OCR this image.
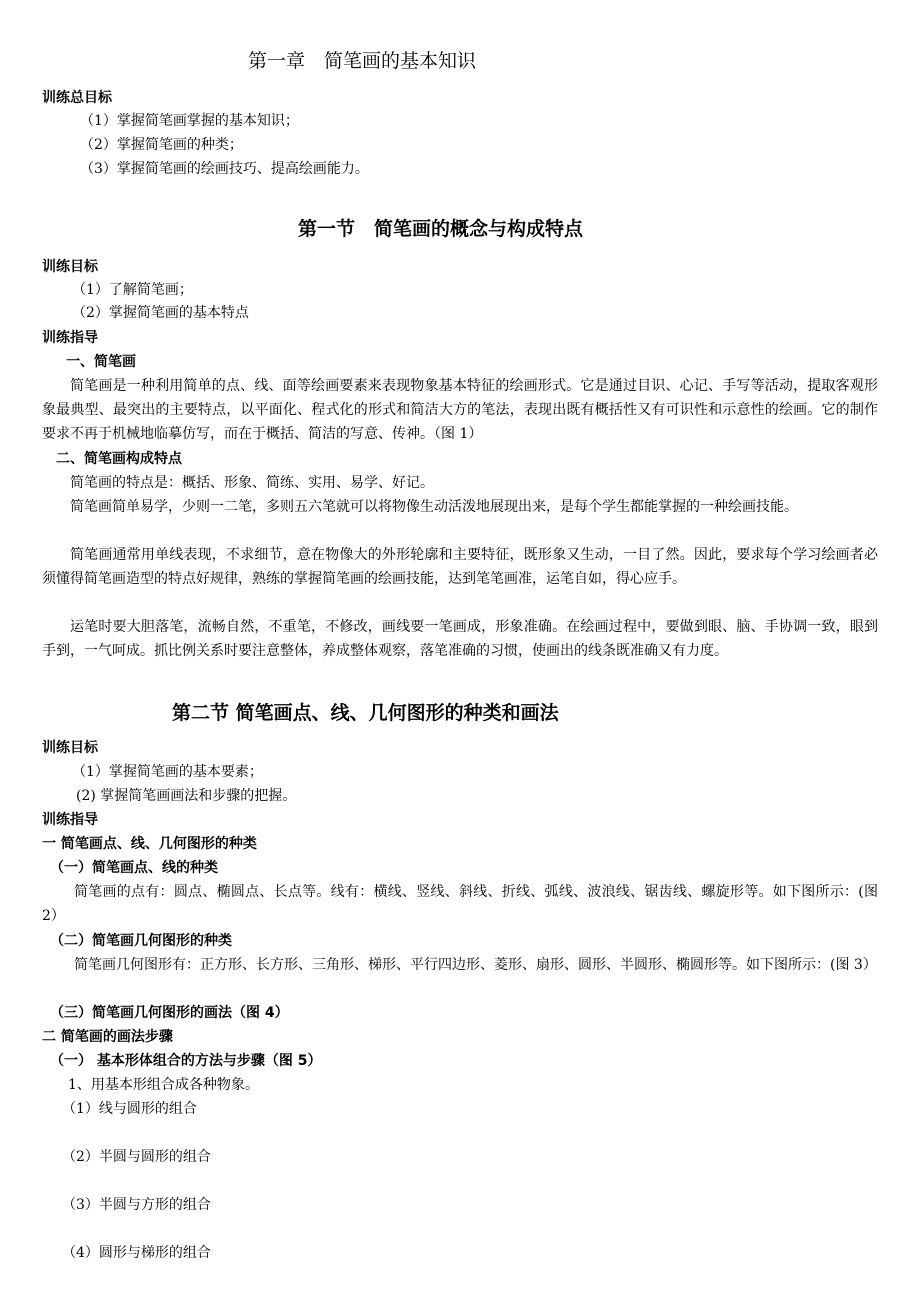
第一章　简笔画的基本知识
训练总目标
（1）掌握简笔画掌握的基本知识；
（2）掌握简笔画的种类；
（3）掌握简笔画的绘画技巧、提高绘画能力。
第一节　简笔画的概念与构成特点
训练目标
（1）了解简笔画；
（2）掌握简笔画的基本特点
训练指导
一、简笔画
简笔画是一种利用简单的点、线、面等绘画要素来表现物象基本特征的绘画形式。它是通过目识、心记、手写等活动，提取客观形象最典型、最突出的主要特点，以平面化、程式化的形式和简洁大方的笔法，表现出既有概括性又有可识性和示意性的绘画。它的制作要求不再于机械地临摹仿写，而在于概括、简洁的写意、传神。（图 1）
二、简笔画构成特点
简笔画的特点是：概括、形象、简练、实用、易学、好记。
简笔画简单易学，少则一二笔，多则五六笔就可以将物像生动活泼地展现出来，是每个学生都能掌握的一种绘画技能。
简笔画通常用单线表现，不求细节，意在物像大的外形轮廓和主要特征，既形象又生动，一目了然。因此，要求每个学习绘画者必须懂得简笔画造型的特点好规律，熟练的掌握简笔画的绘画技能，达到笔笔画准，运笔自如，得心应手。
运笔时要大胆落笔，流畅自然，不重笔，不修改，画线要一笔画成，形象准确。在绘画过程中，要做到眼、脑、手协调一致，眼到手到，一气呵成。抓比例关系时要注意整体，养成整体观察，落笔准确的习惯，使画出的线条既准确又有力度。
第二节 简笔画点、线、几何图形的种类和画法
训练目标
（1）掌握简笔画的基本要素；
(2) 掌握简笔画画法和步骤的把握。
训练指导
一 简笔画点、线、几何图形的种类
（一）简笔画点、线的种类
简笔画的点有：圆点、椭圆点、长点等。线有：横线、竖线、斜线、折线、弧线、波浪线、锯齿线、螺旋形等。如下图所示：(图 2）
（二）简笔画几何图形的种类
简笔画几何图形有：正方形、长方形、三角形、梯形、平行四边形、菱形、扇形、圆形、半圆形、椭圆形等。如下图所示：(图 3）
（三）简笔画几何图形的画法（图 4）
二 简笔画的画法步骤
（一） 基本形体组合的方法与步骤（图 5）
1、用基本形组合成各种物象。
（1）线与圆形的组合
（2）半圆与圆形的组合
（3）半圆与方形的组合
（4）圆形与梯形的组合
